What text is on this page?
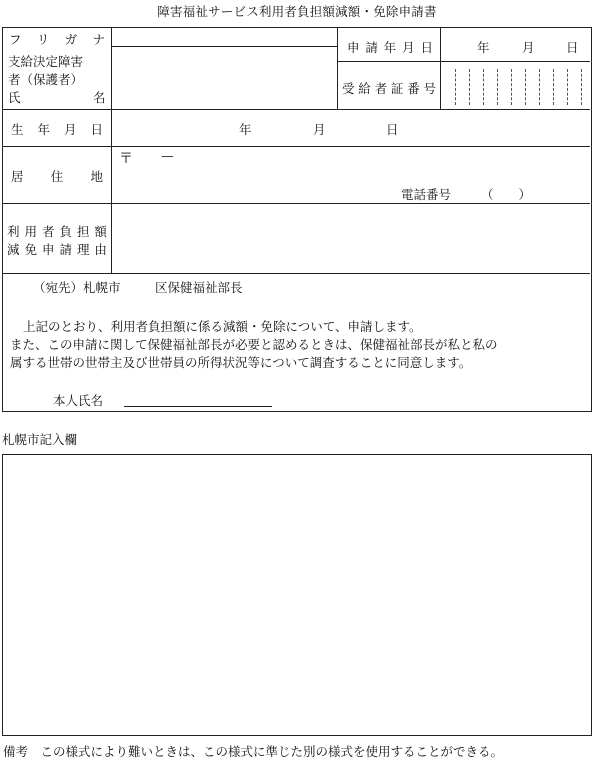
障害福祉サービス利用者負担額減額・免除申請書
フ リ ガ ナ
支給決定障害
者（保護者）
氏	名
申 請 年 月 日	年	月	日
受 給 者 証 番 号
生 年 月 日	年	月	日
居 住 地
〒 —
電話番号 （　　）
利 用 者 負 担 額
減 免 申 請 理 由
（宛先）札幌市	区保健福祉部長
上記のとおり、利用者負担額に係る減額・免除について、申請します。
また、この申請に関して保健福祉部長が必要と認めるときは、保健福祉部長が私と私の
属する世帯の世帯主及び世帯員の所得状況等について調査することに同意します。
本人氏名
札幌市記入欄
備考　この様式により難いときは、この様式に準じた別の様式を使用することができる。
